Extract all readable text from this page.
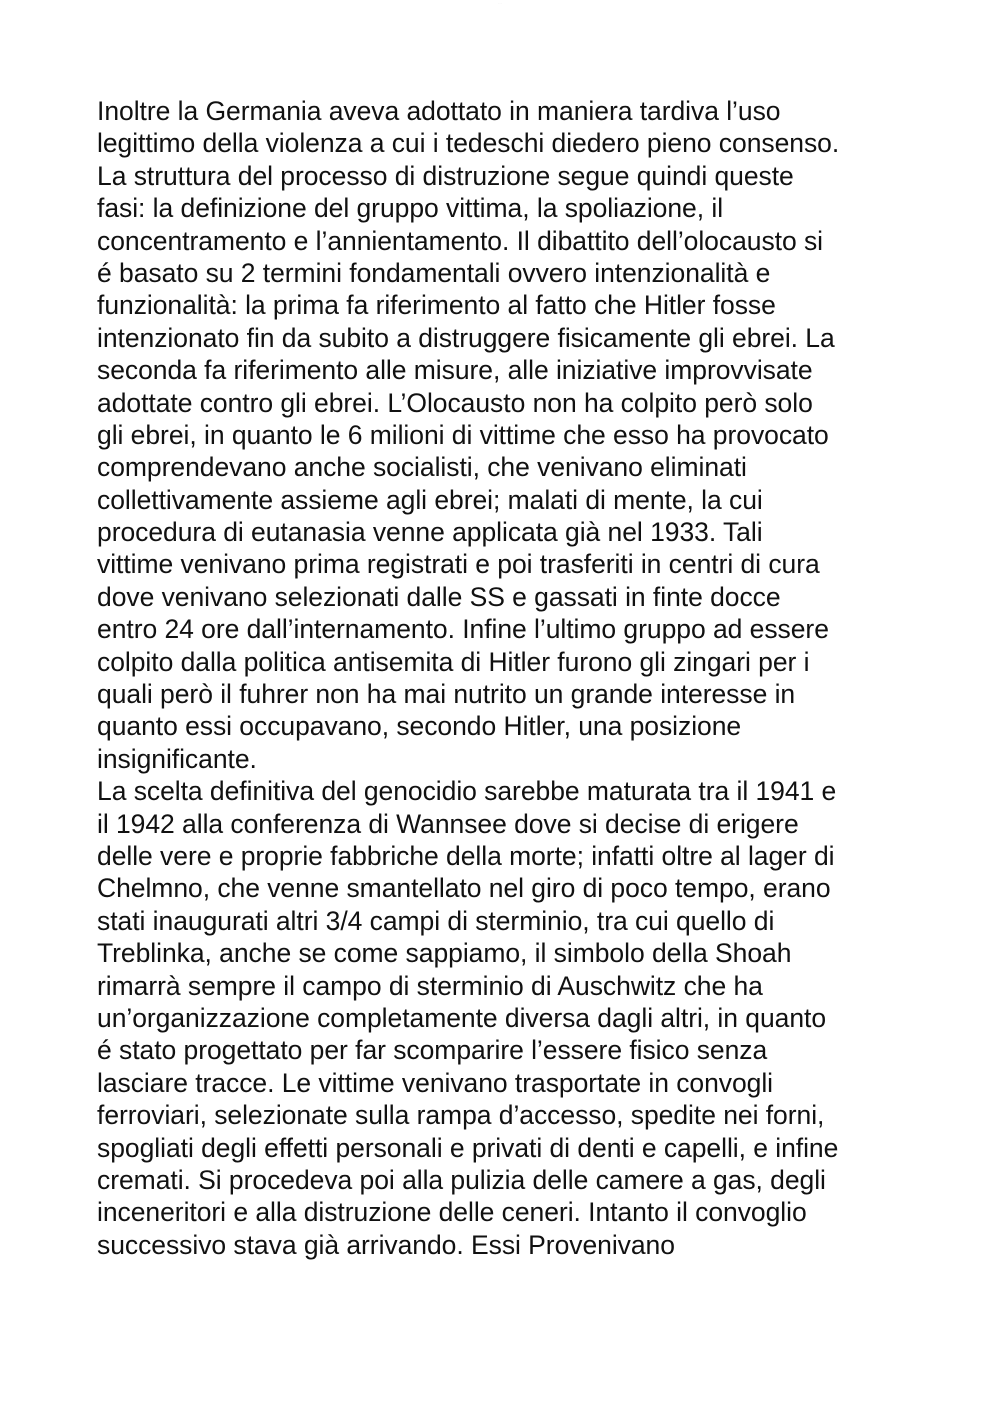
· · ·

Inoltre la Germania aveva adottato in maniera tardiva l’uso
legittimo della violenza a cui i tedeschi diedero pieno consenso.
La struttura del processo di distruzione segue quindi queste
fasi: la definizione del gruppo vittima, la spoliazione, il
concentramento e l’annientamento. Il dibattito dell’olocausto si
é basato su 2 termini fondamentali ovvero intenzionalità e
funzionalità: la prima fa riferimento al fatto che Hitler fosse
intenzionato fin da subito a distruggere fisicamente gli ebrei. La
seconda fa riferimento alle misure, alle iniziative improvvisate
adottate contro gli ebrei. L’Olocausto non ha colpito però solo
gli ebrei, in quanto le 6 milioni di vittime che esso ha provocato
comprendevano anche socialisti, che venivano eliminati
collettivamente assieme agli ebrei; malati di mente, la cui
procedura di eutanasia venne applicata già nel 1933. Tali
vittime venivano prima registrati e poi trasferiti in centri di cura
dove venivano selezionati dalle SS e gassati in finte docce
entro 24 ore dall’internamento. Infine l’ultimo gruppo ad essere
colpito dalla politica antisemita di Hitler furono gli zingari per i
quali però il fuhrer non ha mai nutrito un grande interesse in
quanto essi occupavano, secondo Hitler, una posizione
insignificante.

La scelta definitiva del genocidio sarebbe maturata tra il 1941 e
il 1942 alla conferenza di Wannsee dove si decise di erigere
delle vere e proprie fabbriche della morte; infatti oltre al lager di
Chelmno, che venne smantellato nel giro di poco tempo, erano
stati inaugurati altri 3/4 campi di sterminio, tra cui quello di
Treblinka, anche se come sappiamo, il simbolo della Shoah
rimarrà sempre il campo di sterminio di Auschwitz che ha
un’organizzazione completamente diversa dagli altri, in quanto
é stato progettato per far scomparire l’essere fisico senza
lasciare tracce. Le vittime venivano trasportate in convogli
ferroviari, selezionate sulla rampa d’accesso, spedite nei forni,
spogliati degli effetti personali e privati di denti e capelli, e infine
cremati. Si procedeva poi alla pulizia delle camere a gas, degli
inceneritori e alla distruzione delle ceneri. Intanto il convoglio
successivo stava già arrivando. Essi Provenivano
